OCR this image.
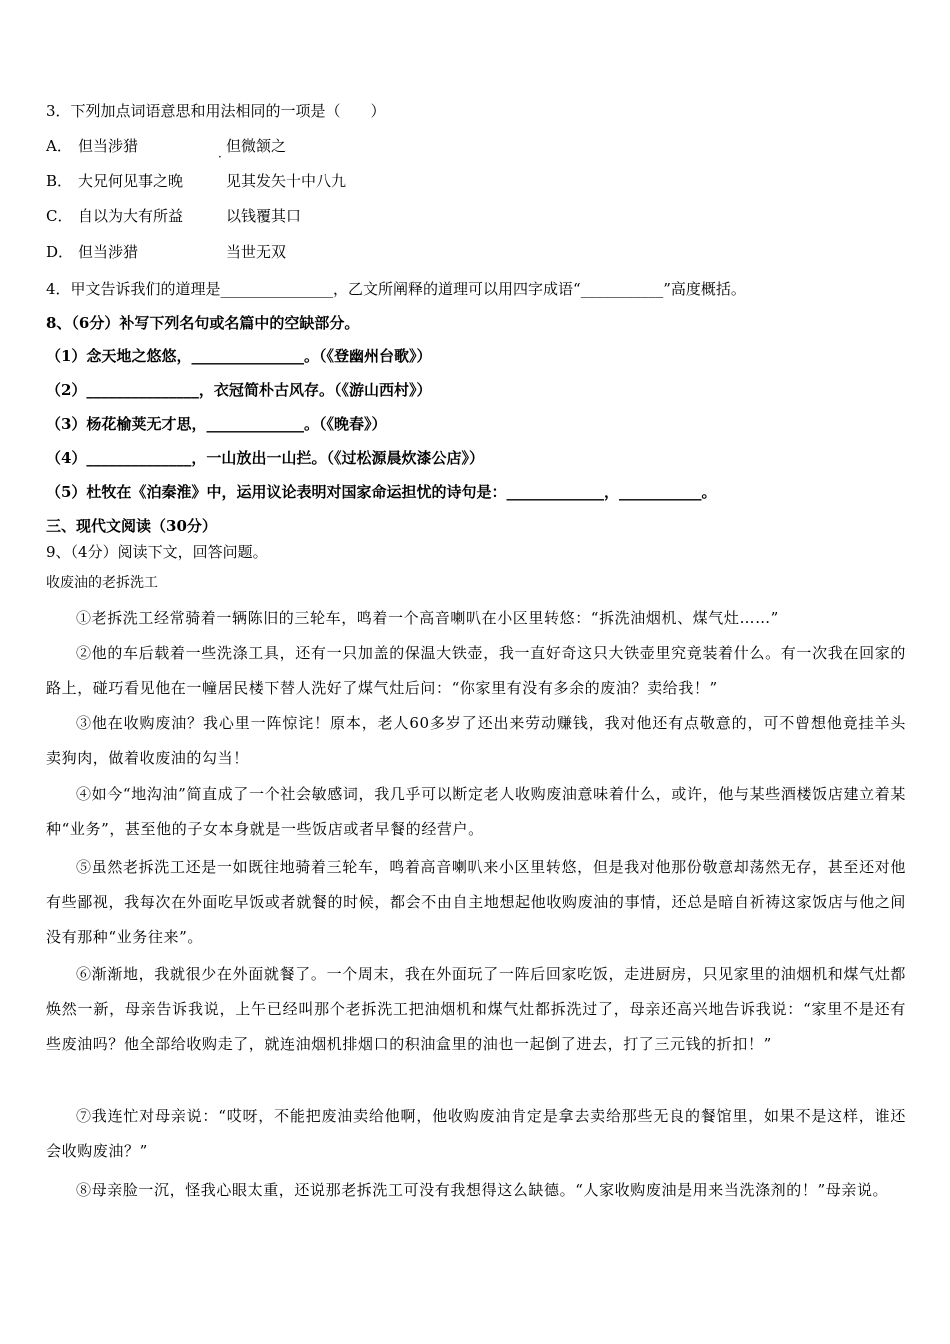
3．下列加点词语意思和用法相同的一项是（　　）
A． 但当涉猎	但微颔之
·
B． 大兄何见事之晚	见其发矢十中八九
C． 自以为大有所益	以钱覆其口
D． 但当涉猎	当世无双
4．甲文告诉我们的道理是_______________，乙文所阐释的道理可以用四字成语“___________”高度概括。
8、（6分）补写下列名句或名篇中的空缺部分。
（1）念天地之悠悠，_______________。（《登幽州台歌》）
（2）_______________，衣冠简朴古风存。（《游山西村》）
（3）杨花榆荚无才思，_____________。（《晚春》）
（4）______________，一山放出一山拦。（《过松源晨炊漆公店》）
（5）杜牧在《泊秦淮》中，运用议论表明对国家命运担忧的诗句是：_____________，___________。
三、现代文阅读（30分）
9、（4分）阅读下文，回答问题。
收废油的老拆洗工
①老拆洗工经常骑着一辆陈旧的三轮车，鸣着一个高音喇叭在小区里转悠：“拆洗油烟机、煤气灶……”
②他的车后载着一些洗涤工具，还有一只加盖的保温大铁壶，我一直好奇这只大铁壶里究竟装着什么。有一次我在回家的路上，碰巧看见他在一幢居民楼下替人洗好了煤气灶后问：“你家里有没有多余的废油？卖给我！”
③他在收购废油？我心里一阵惊诧！原本，老人60多岁了还出来劳动赚钱，我对他还有点敬意的，可不曾想他竟挂羊头卖狗肉，做着收废油的勾当！
④如今“地沟油”简直成了一个社会敏感词，我几乎可以断定老人收购废油意味着什么，或许，他与某些酒楼饭店建立着某种“业务”，甚至他的子女本身就是一些饭店或者早餐的经营户。
⑤虽然老拆洗工还是一如既往地骑着三轮车，鸣着高音喇叭来小区里转悠，但是我对他那份敬意却荡然无存，甚至还对他有些鄙视，我每次在外面吃早饭或者就餐的时候，都会不由自主地想起他收购废油的事情，还总是暗自祈祷这家饭店与他之间没有那种“业务往来”。
⑥渐渐地，我就很少在外面就餐了。一个周末，我在外面玩了一阵后回家吃饭，走进厨房，只见家里的油烟机和煤气灶都焕然一新，母亲告诉我说，上午已经叫那个老拆洗工把油烟机和煤气灶都拆洗过了，母亲还高兴地告诉我说：“家里不是还有些废油吗？他全部给收购走了，就连油烟机排烟口的积油盒里的油也一起倒了进去，打了三元钱的折扣！”
⑦我连忙对母亲说：“哎呀，不能把废油卖给他啊，他收购废油肯定是拿去卖给那些无良的餐馆里，如果不是这样，谁还会收购废油？”
⑧母亲脸一沉，怪我心眼太重，还说那老拆洗工可没有我想得这么缺德。“人家收购废油是用来当洗涤剂的！”母亲说。
